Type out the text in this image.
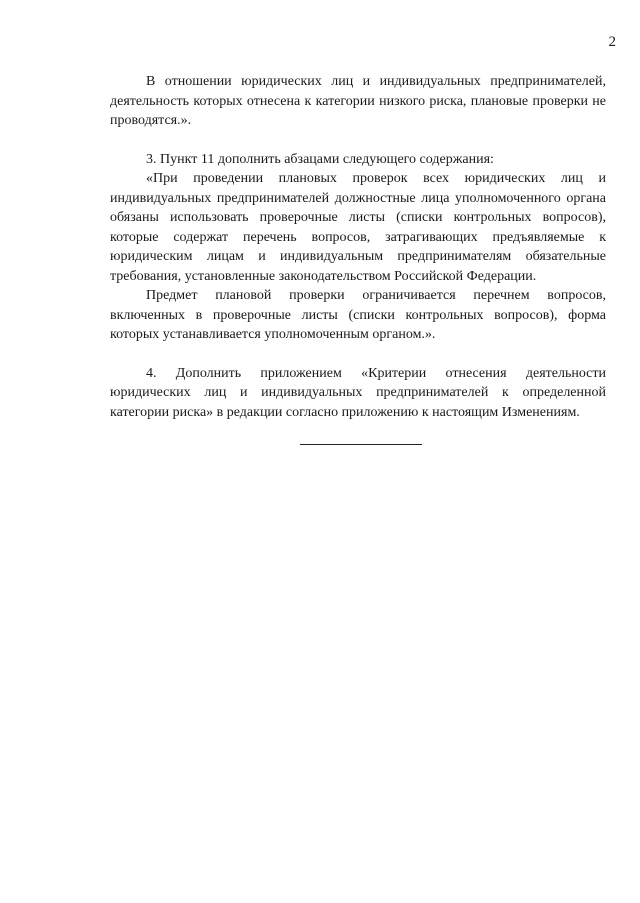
2

В отношении юридических лиц и индивидуальных предпринимателей, деятельность которых отнесена к категории низкого риска, плановые проверки не проводятся.».

3. Пункт 11 дополнить абзацами следующего содержания:

«При проведении плановых проверок всех юридических лиц и индивидуальных предпринимателей должностные лица уполномоченного органа обязаны использовать проверочные листы (списки контрольных вопросов), которые содержат перечень вопросов, затрагивающих предъявляемые к юридическим лицам и индивидуальным предпринимателям обязательные требования, установленные законодательством Российской Федерации.

Предмет плановой проверки ограничивается перечнем вопросов, включенных в проверочные листы (списки контрольных вопросов), форма которых устанавливается уполномоченным органом.».

4. Дополнить приложением «Критерии отнесения деятельности юридических лиц и индивидуальных предпринимателей к определенной категории риска» в редакции согласно приложению к настоящим Изменениям.
